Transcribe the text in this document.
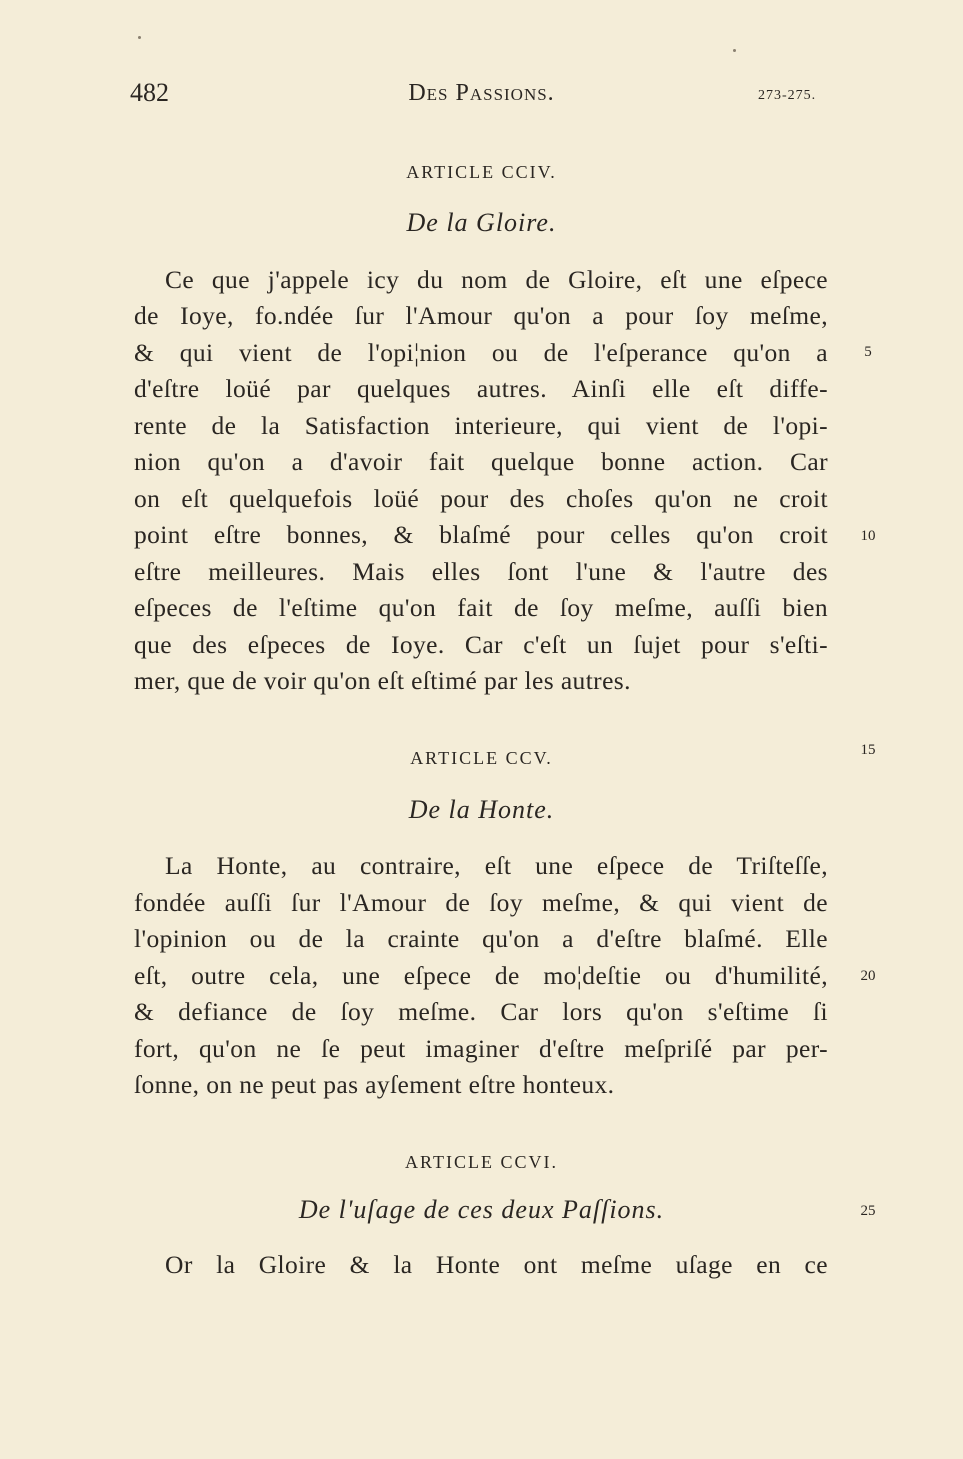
482	Des Passions.	273-275.
ARTICLE CCIV.
De la Gloire.
Ce que j'appele icy du nom de Gloire, eſt une eſpece
de Ioye, fo.ndée ſur l'Amour qu'on a pour ſoy meſme,
& qui vient de l'opi¦nion ou de l'eſperance qu'on a
d'eſtre loüé par quelques autres. Ainſi elle eſt diffe-
rente de la Satisfaction interieure, qui vient de l'opi-
nion qu'on a d'avoir fait quelque bonne action. Car
on eſt quelquefois loüé pour des choſes qu'on ne croit
point eſtre bonnes, & blaſmé pour celles qu'on croit
eſtre meilleures. Mais elles ſont l'une & l'autre des
eſpeces de l'eſtime qu'on fait de ſoy meſme, auſſi bien
que des eſpeces de Ioye. Car c'eſt un ſujet pour s'eſti-
mer, que de voir qu'on eſt eſtimé par les autres.
ARTICLE CCV.
De la Honte.
La Honte, au contraire, eſt une eſpece de Triſteſſe,
fondée auſſi ſur l'Amour de ſoy meſme, & qui vient de
l'opinion ou de la crainte qu'on a d'eſtre blaſmé. Elle
eſt, outre cela, une eſpece de mo¦deſtie ou d'humilité,
& defiance de ſoy meſme. Car lors qu'on s'eſtime ſi
fort, qu'on ne ſe peut imaginer d'eſtre meſpriſé par per-
ſonne, on ne peut pas ayſement eſtre honteux.
ARTICLE CCVI.
De l'uſage de ces deux Paſſions.
Or la Gloire & la Honte ont meſme uſage en ce
5
10
15
20
25
